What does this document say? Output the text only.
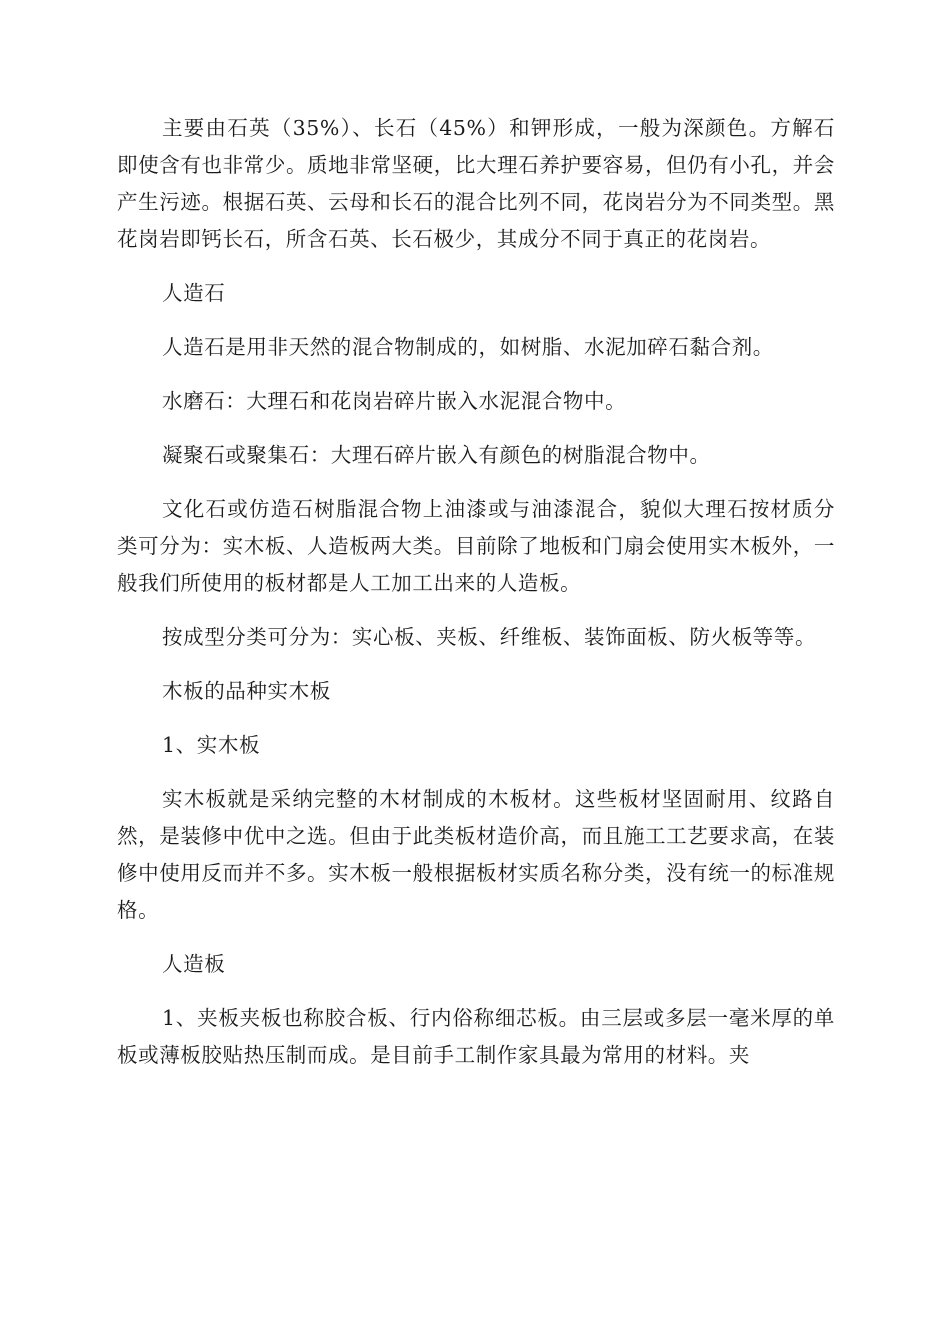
主要由石英（35%）、长石（45%）和钾形成，一般为深颜色。方解石即使含有也非常少。质地非常坚硬，比大理石养护要容易，但仍有小孔，并会产生污迹。根据石英、云母和长石的混合比列不同，花岗岩分为不同类型。黑花岗岩即钙长石，所含石英、长石极少，其成分不同于真正的花岗岩。

人造石

人造石是用非天然的混合物制成的，如树脂、水泥加碎石黏合剂。

水磨石：大理石和花岗岩碎片嵌入水泥混合物中。

凝聚石或聚集石：大理石碎片嵌入有颜色的树脂混合物中。

文化石或仿造石树脂混合物上油漆或与油漆混合，貌似大理石按材质分类可分为：实木板、人造板两大类。目前除了地板和门扇会使用实木板外，一般我们所使用的板材都是人工加工出来的人造板。

按成型分类可分为：实心板、夹板、纤维板、装饰面板、防火板等等。

木板的品种实木板

1、实木板

实木板就是采纳完整的木材制成的木板材。这些板材坚固耐用、纹路自然，是装修中优中之选。但由于此类板材造价高，而且施工工艺要求高，在装修中使用反而并不多。实木板一般根据板材实质名称分类，没有统一的标准规格。

人造板

1、夹板夹板也称胶合板、行内俗称细芯板。由三层或多层一毫米厚的单板或薄板胶贴热压制而成。是目前手工制作家具最为常用的材料。夹
